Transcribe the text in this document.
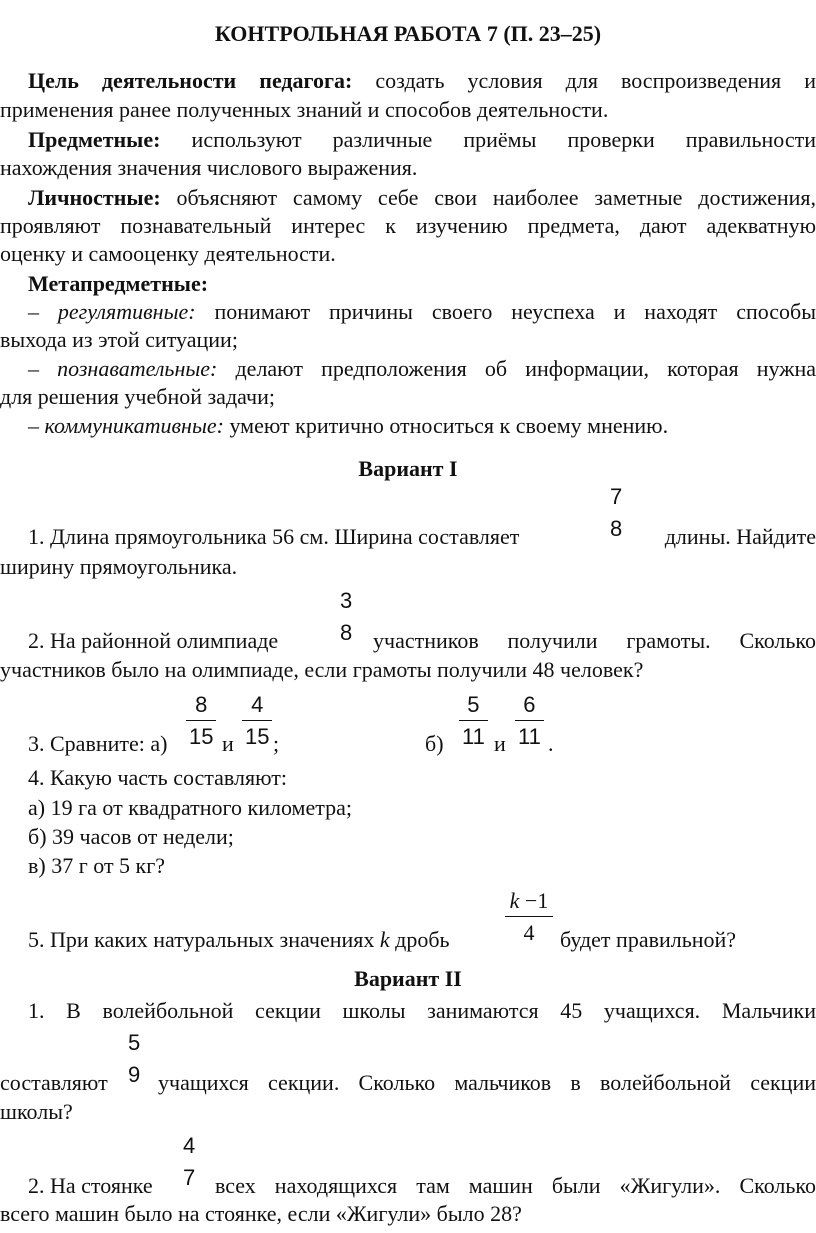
КОНТРОЛЬНАЯ РАБОТА 7 (П. 23–25)
Цель деятельности педагога: создать условия для воспроизведения и
применения ранее полученных знаний и способов деятельности.
Предметные: используют различные приёмы проверки правильности
нахождения значения числового выражения.
Личностные: объясняют самому себе свои наиболее заметные достижения,
проявляют познавательный интерес к изучению предмета, дают адекватную
оценку и самооценку деятельности.
Метапредметные:
– регулятивные: понимают причины своего неуспеха и находят способы
выхода из этой ситуации;
– познавательные: делают предположения об информации, которая нужна
для решения учебной задачи;
– коммуникативные: умеют критично относиться к своему мнению.
Вариант I
1. Длина прямоугольника 56 см. Ширина составляет
7
8	длины. Найдите
ширину прямоугольника.
2. На районной олимпиаде
3
8 участников получили грамоты. Сколько
участников было на олимпиаде, если грамоты получили 48 человек?
3. Сравните: а)
8
15 и
4
15 ;	б)
5
11 и
6
11 .
4. Какую часть составляют:
а) 19 га от квадратного километра;
б) 39 часов от недели;
в) 37 г от 5 кг?
5. При каких натуральных значениях k дробь
k −1
4 будет правильной?
Вариант II
1. В волейбольной секции школы занимаются 45 учащихся. Мальчики
составляют
5
9 учащихся секции. Сколько мальчиков в волейбольной секции
школы?
2. На стоянке
4
7 всех находящихся там машин были «Жигули». Сколько
всего машин было на стоянке, если «Жигули» было 28?
